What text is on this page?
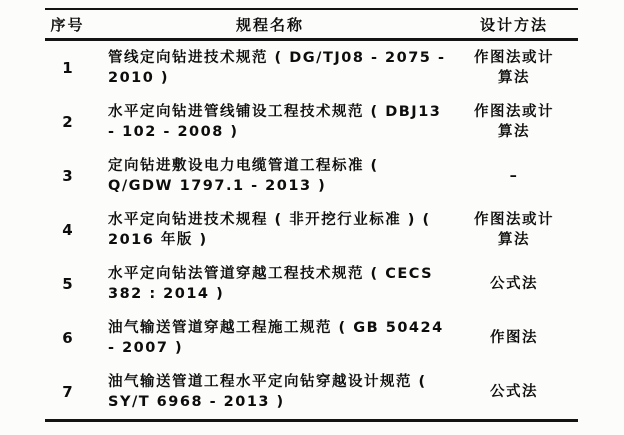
序号	规程名称	设计方法
1
管线定向钻进技术规范 ( DG/TJ08 - 2075 - 2010 )
作图法或计算法
2
水平定向钻进管线铺设工程技术规范 ( DBJ13 - 102 - 2008 )
作图法或计算法
3
定向钻进敷设电力电缆管道工程标准 ( Q/GDW 1797.1 - 2013 )
–
4
水平定向钻进技术规程 ( 非开挖行业标准 ) ( 2016 年版 )
作图法或计算法
5
水平定向钻法管道穿越工程技术规范 ( CECS 382 : 2014 )
公式法
6
油气输送管道穿越工程施工规范 ( GB 50424 - 2007 )
作图法
7
油气输送管道工程水平定向钻穿越设计规范 ( SY/T 6968 - 2013 )
公式法
